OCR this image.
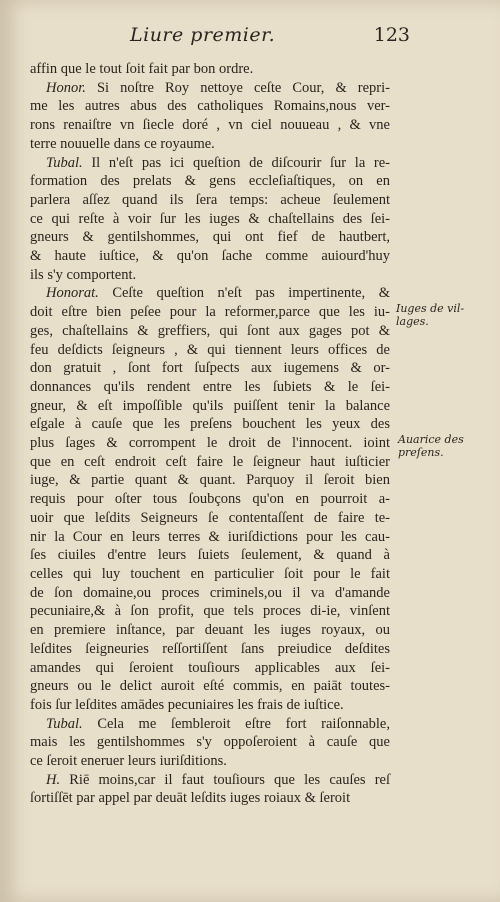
Liure premier.	123
affin que le tout ſoit fait par bon ordre.
Honor. Si noſtre Roy nettoye ceſte Cour, & repri-
me les autres abus des catholiques Romains,nous ver-
rons renaiſtre vn ſiecle doré , vn ciel nouueau , & vne
terre nouuelle dans ce royaume.
Tubal. Il n'eſt pas ici queſtion de diſcourir ſur la re-
formation des prelats & gens eccleſiaſtiques, on en
parlera aſſez quand ils ſera temps: acheue ſeulement
ce qui reſte à voir ſur les iuges & chaſtellains des ſei-
gneurs & gentilshommes, qui ont fief de hautbert,
& haute iuſtice, & qu'on ſache comme auiourd'huy
ils s'y comportent.
Honorat. Ceſte queſtion n'eſt pas impertinente, &
doit eſtre bien peſee pour la reformer,parce que les iu-
ges, chaſtellains & greffiers, qui ſont aux gages pot &
feu deſdicts ſeigneurs , & qui tiennent leurs offices de
don gratuit , ſont fort ſuſpects aux iugemens & or-
donnances qu'ils rendent entre les ſubiets & le ſei-
gneur, & eſt impoſſible qu'ils puiſſent tenir la balance
eſgale à cauſe que les preſens bouchent les yeux des
plus ſages & corrompent le droit de l'innocent. ioint
que en ceſt endroit ceſt faire le ſeigneur haut iuſticier
iuge, & partie quant & quant. Parquoy il ſeroit bien
requis pour oſter tous ſoubçons qu'on en pourroit a-
uoir que leſdits Seigneurs ſe contentaſſent de faire te-
nir la Cour en leurs terres & iuriſdictions pour les cau-
ſes ciuiles d'entre leurs ſuiets ſeulement, & quand à
celles qui luy touchent en particulier ſoit pour le fait
de ſon domaine,ou proces criminels,ou il va d'amande
pecuniaire,& à ſon profit, que tels proces di-ie, vinſent
en premiere inſtance, par deuant les iuges royaux, ou
leſdites ſeigneuries reſſortiſſent ſans preiudice deſdites
amandes qui ſeroient touſiours applicables aux ſei-
gneurs ou le delict auroit eſté commis, en paiāt toutes-
fois ſur leſdites amādes pecuniaires les frais de iuſtice.
Tubal. Cela me ſembleroit eſtre fort raiſonnable,
mais les gentilshommes s'y oppoſeroient à cauſe que
ce ſeroit eneruer leurs iuriſditions.
H. Riē moins,car il faut touſiours que les cauſes reſ
ſortiſſēt par appel par deuāt leſdits iuges roiaux & ſeroit
Iuges de vil-
lages.
Auarice des
preſens.
